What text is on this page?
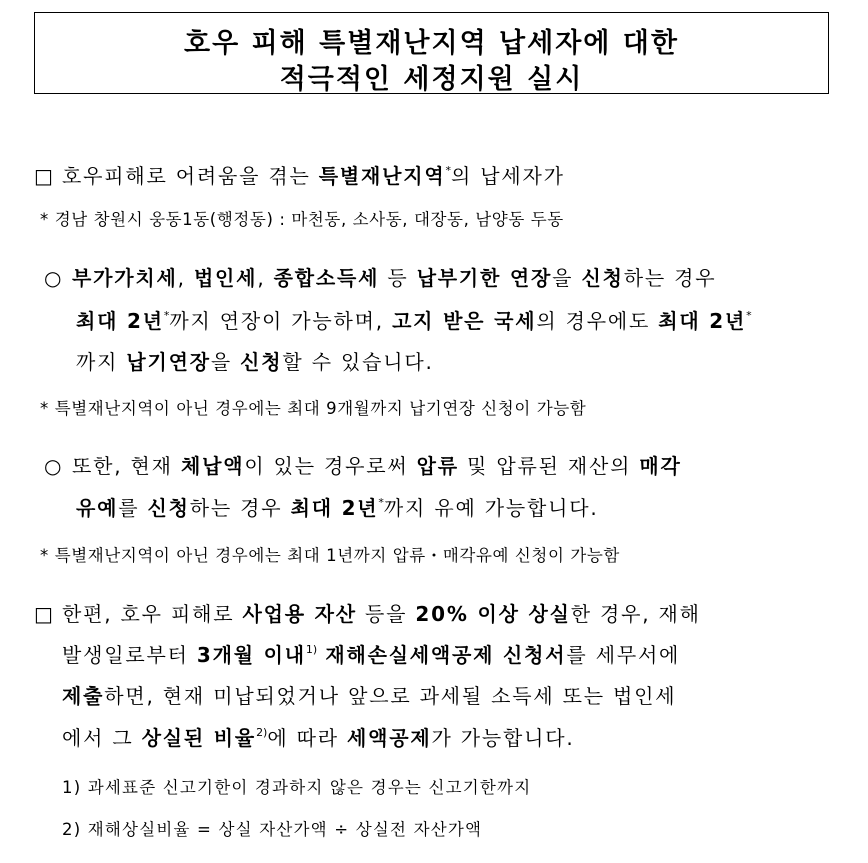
호우 피해 특별재난지역 납세자에 대한
적극적인 세정지원 실시
□ 호우피해로 어려움을 겪는 특별재난지역*의 납세자가
* 경남 창원시 웅동1동(행정동) : 마천동, 소사동, 대장동, 남양동 두동
○ 부가가치세, 법인세, 종합소득세 등 납부기한 연장을 신청하는 경우
최대 2년*까지 연장이 가능하며, 고지 받은 국세의 경우에도 최대 2년*
까지 납기연장을 신청할 수 있습니다.
* 특별재난지역이 아닌 경우에는 최대 9개월까지 납기연장 신청이 가능함
○ 또한, 현재 체납액이 있는 경우로써 압류 및 압류된 재산의 매각
유예를 신청하는 경우 최대 2년*까지 유예 가능합니다.
* 특별재난지역이 아닌 경우에는 최대 1년까지 압류・매각유예 신청이 가능함
□ 한편, 호우 피해로 사업용 자산 등을 20% 이상 상실한 경우, 재해
발생일로부터 3개월 이내$^{1)}$ 재해손실세액공제 신청서를 세무서에
제출하면, 현재 미납되었거나 앞으로 과세될 소득세 또는 법인세
에서 그 상실된 비율$^{2)}$에 따라 세액공제가 가능합니다.
1) 과세표준 신고기한이 경과하지 않은 경우는 신고기한까지
2) 재해상실비율 = 상실 자산가액 ÷ 상실전 자산가액
